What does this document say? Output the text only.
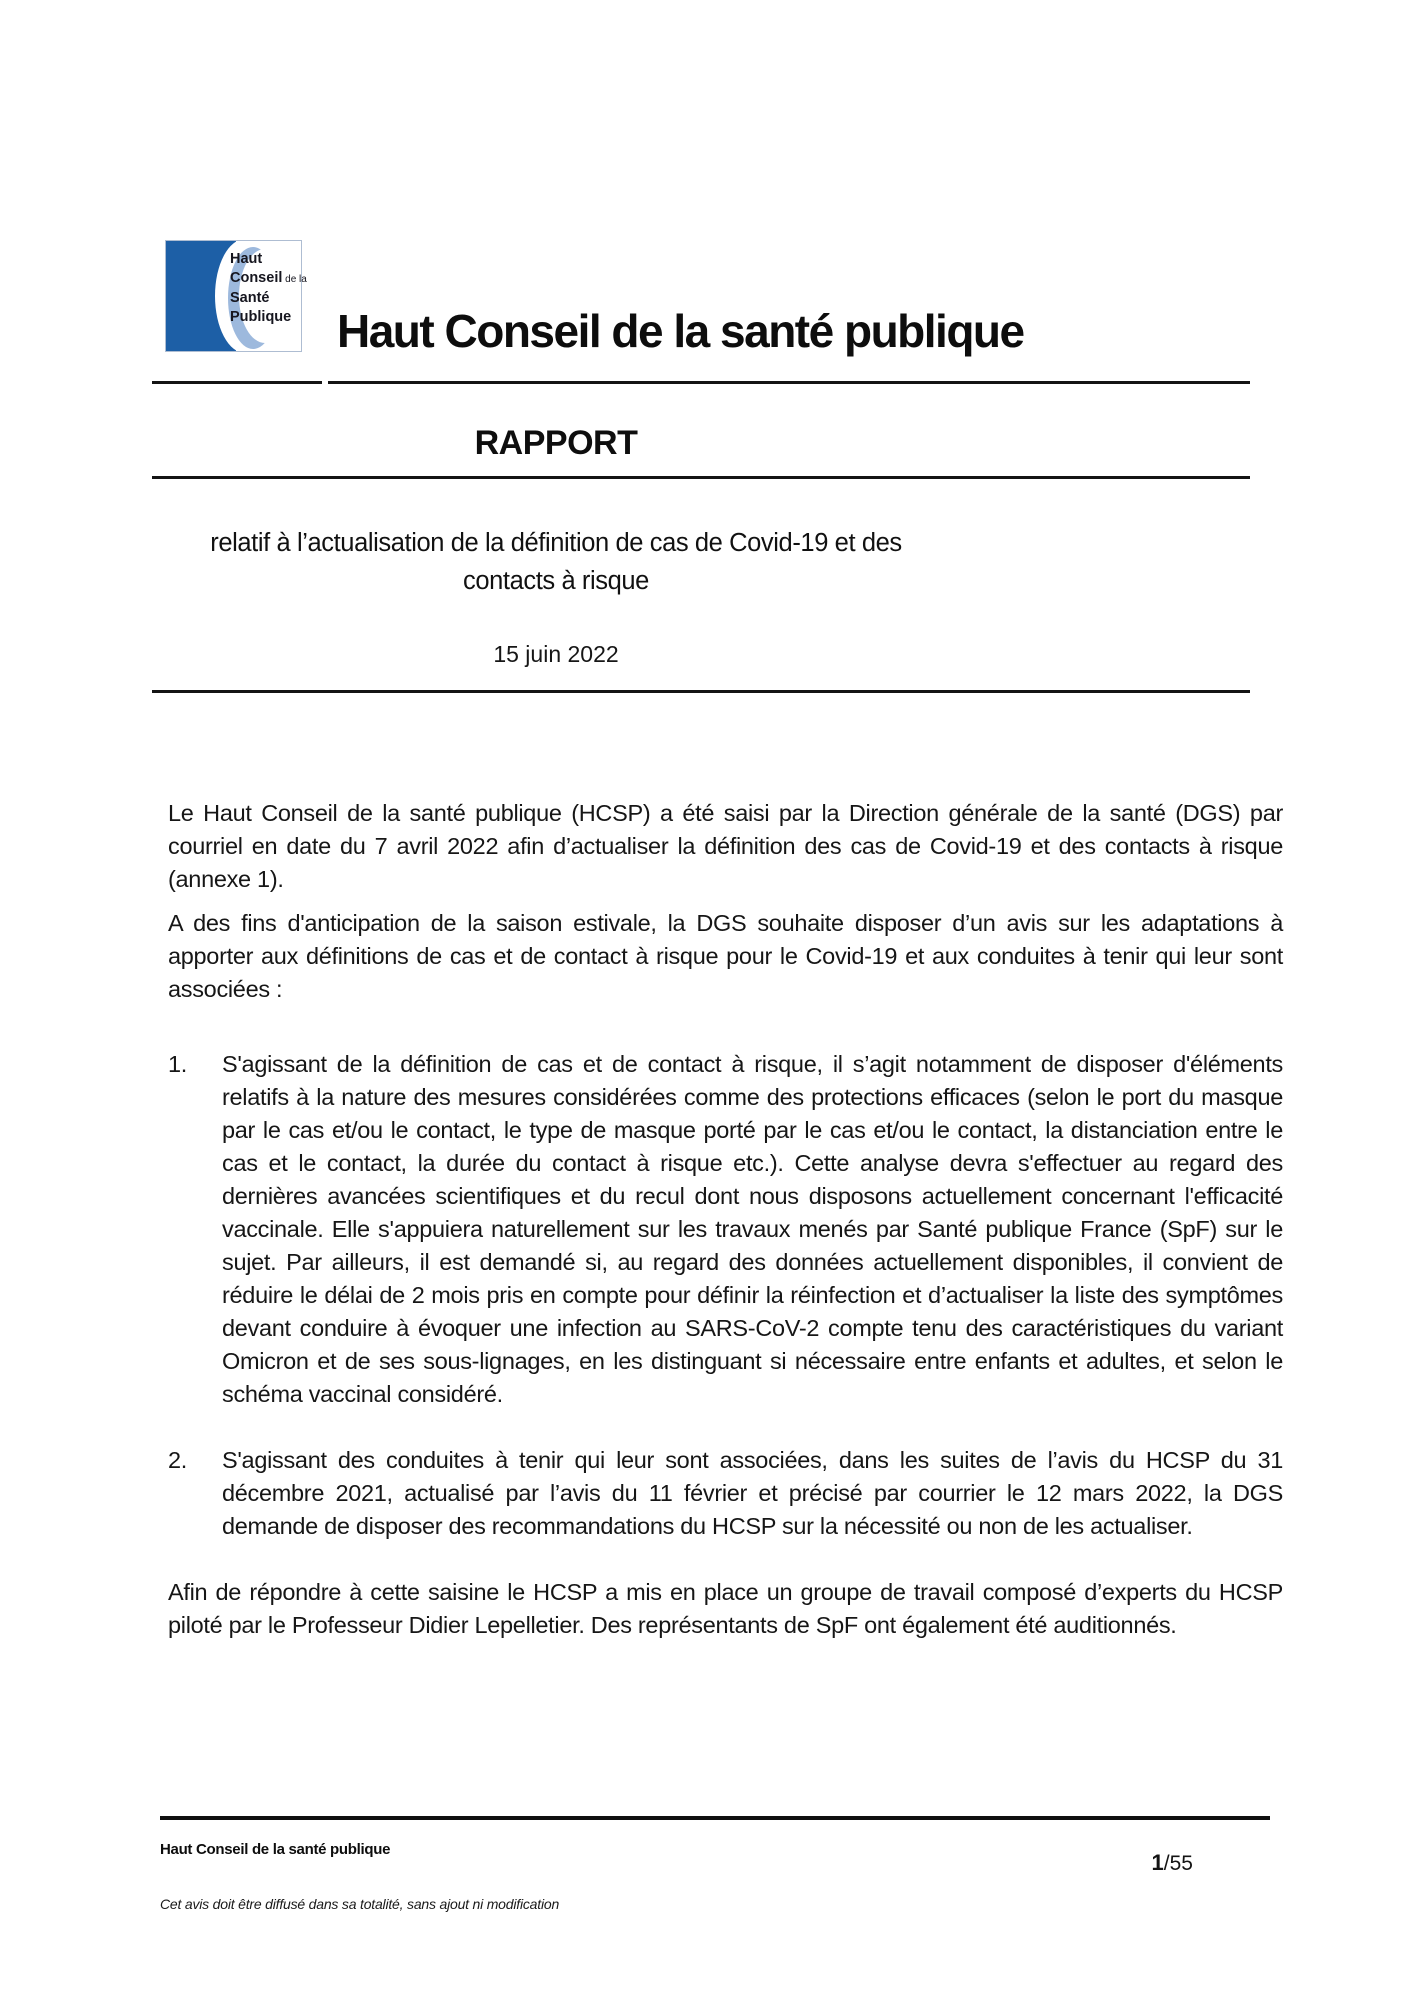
Haut
Conseil de la
Santé
Publique Haut Conseil de la santé publique
RAPPORT
relatif à l’actualisation de la définition de cas de Covid-19 et des
contacts à risque
15 juin 2022

Le Haut Conseil de la santé publique (HCSP) a été saisi par la Direction générale de la santé (DGS) par courriel en date du 7 avril 2022 afin d’actualiser la définition des cas de Covid-19 et des contacts à risque (annexe 1).

A des fins d'anticipation de la saison estivale, la DGS souhaite disposer d’un avis sur les adaptations à apporter aux définitions de cas et de contact à risque pour le Covid-19 et aux conduites à tenir qui leur sont associées :

1.	S'agissant de la définition de cas et de contact à risque, il s’agit notamment de disposer d'éléments relatifs à la nature des mesures considérées comme des protections efficaces (selon le port du masque par le cas et/ou le contact, le type de masque porté par le cas et/ou le contact, la distanciation entre le cas et le contact, la durée du contact à risque etc.). Cette analyse devra s'effectuer au regard des dernières avancées scientifiques et du recul dont nous disposons actuellement concernant l'efficacité vaccinale. Elle s'appuiera naturellement sur les travaux menés par Santé publique France (SpF) sur le sujet. Par ailleurs, il est demandé si, au regard des données actuellement disponibles, il convient de réduire le délai de 2 mois pris en compte pour définir la réinfection et d’actualiser la liste des symptômes devant conduire à évoquer une infection au SARS-CoV-2 compte tenu des caractéristiques du variant Omicron et de ses sous-lignages, en les distinguant si nécessaire entre enfants et adultes, et selon le schéma vaccinal considéré.
2.	S'agissant des conduites à tenir qui leur sont associées, dans les suites de l’avis du HCSP du 31 décembre 2021, actualisé par l’avis du 11 février et précisé par courrier le 12 mars 2022, la DGS demande de disposer des recommandations du HCSP sur la nécessité ou non de les actualiser.

Afin de répondre à cette saisine le HCSP a mis en place un groupe de travail composé d’experts du HCSP piloté par le Professeur Didier Lepelletier. Des représentants de SpF ont également été auditionnés.

Haut Conseil de la santé publique
1/55
Cet avis doit être diffusé dans sa totalité, sans ajout ni modification
